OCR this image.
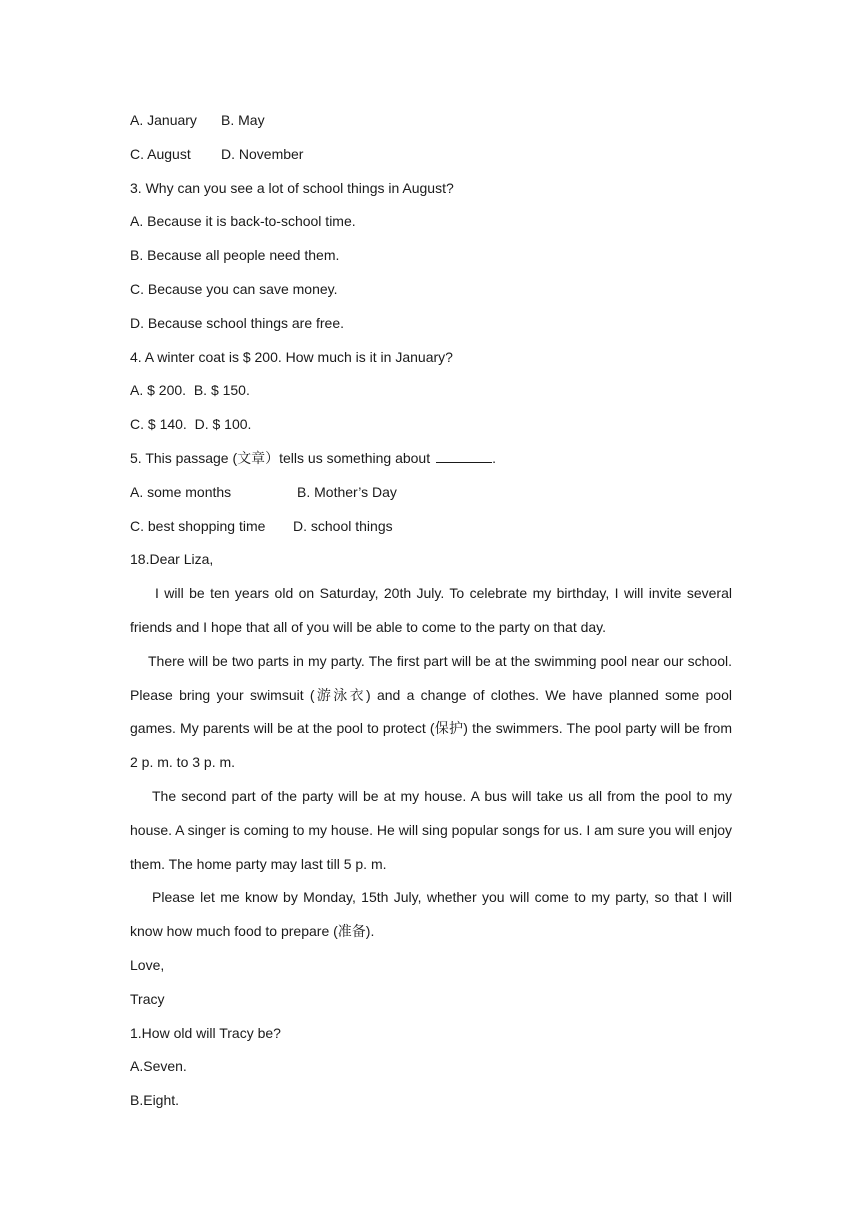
A. January B. May
C. August D. November
3. Why can you see a lot of school things in August?
A. Because it is back-to-school time.
B. Because all people need them.
C. Because you can save money.
D. Because school things are free.
4. A winter coat is $ 200. How much is it in January?
A. $ 200.  B. $ 150.
C. $ 140.  D. $ 100.
5. This passage (文章）tells us something about	.
A. some months	B. Mother’s Day
C. best shopping time D. school things
18.Dear Liza,

I will be ten years old on Saturday, 20th July. To celebrate my birthday, I will invite several friends and I hope that all of you will be able to come to the party on that day.

There will be two parts in my party. The first part will be at the swimming pool near our school. Please bring your swimsuit (游泳衣) and a change of clothes. We have planned some pool games. My parents will be at the pool to protect (保护) the swimmers. The pool party will be from 2 p. m. to 3 p. m.

The second part of the party will be at my house. A bus will take us all from the pool to my house. A singer is coming to my house. He will sing popular songs for us. I am sure you will enjoy them. The home party may last till 5 p. m.

Please let me know by Monday, 15th July, whether you will come to my party, so that I will know how much food to prepare (准备).

Love,
Tracy
1.How old will Tracy be?
A.Seven.
B.Eight.
